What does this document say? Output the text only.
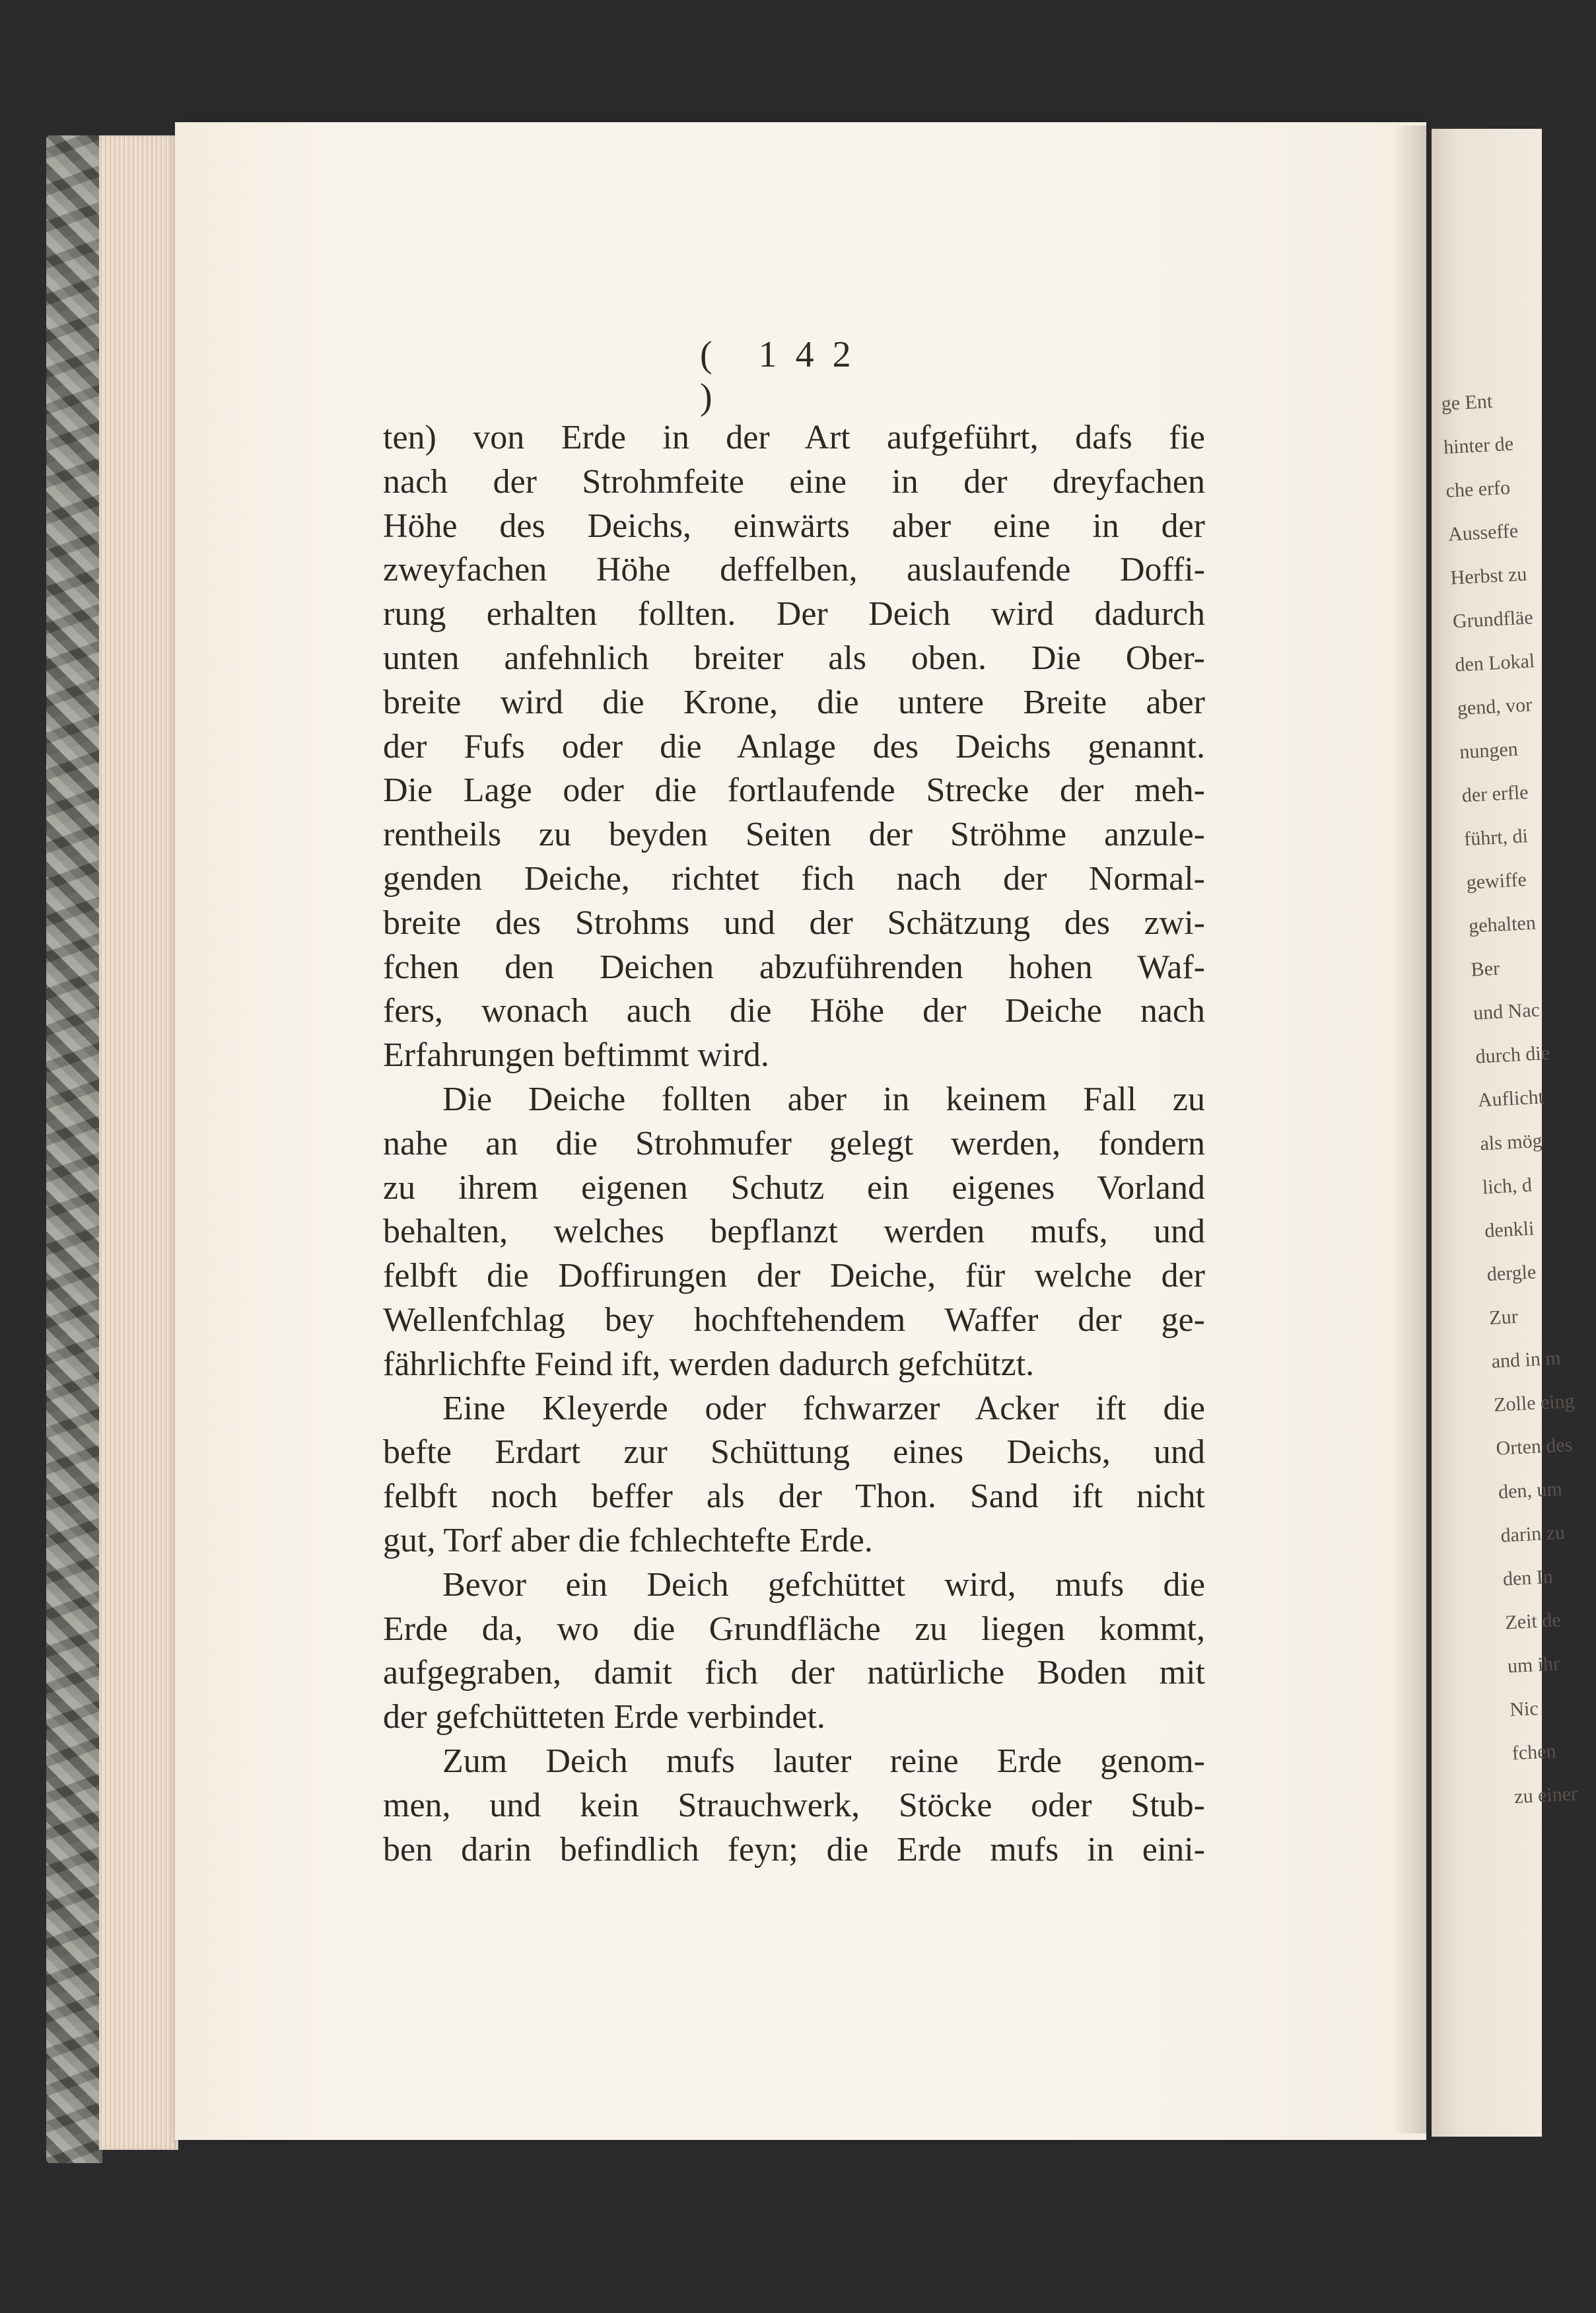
ge Ent
hinter de
che erfo
Ausseffe
Herbst zu
Grundfläe
den Lokal
gend, vor
nungen
der erfle
führt, di
gewiffe
gehalten
Ber
und Nac
durch die
Auflicht
als mög
lich, d
denkli
dergle
Zur
and in m
Zolle eing
Orten des
den, um
darin zu
den In
Zeit de
um ihr
Nic
fchen
zu einer
( 142 )
ten) von Erde in der Art aufgeführt, dafs fie
nach der Strohmfeite eine in der dreyfachen
Höhe des Deichs, einwärts aber eine in der
zweyfachen Höhe deffelben, auslaufende Doffi-
rung erhalten follten. Der Deich wird dadurch
unten anfehnlich breiter als oben. Die Ober-
breite wird die Krone, die untere Breite aber
der Fufs oder die Anlage des Deichs genannt.
Die Lage oder die fortlaufende Strecke der meh-
rentheils zu beyden Seiten der Ströhme anzule-
genden Deiche, richtet fich nach der Normal-
breite des Strohms und der Schätzung des zwi-
fchen den Deichen abzuführenden hohen Waf-
fers, wonach auch die Höhe der Deiche nach
Erfahrungen beftimmt wird.
Die Deiche follten aber in keinem Fall zu
nahe an die Strohmufer gelegt werden, fondern
zu ihrem eigenen Schutz ein eigenes Vorland
behalten, welches bepflanzt werden mufs, und
felbft die Doffirungen der Deiche, für welche der
Wellenfchlag bey hochftehendem Waffer der ge-
fährlichfte Feind ift, werden dadurch gefchützt.
Eine Kleyerde oder fchwarzer Acker ift die
befte Erdart zur Schüttung eines Deichs, und
felbft noch beffer als der Thon. Sand ift nicht
gut, Torf aber die fchlechtefte Erde.
Bevor ein Deich gefchüttet wird, mufs die
Erde da, wo die Grundfläche zu liegen kommt,
aufgegraben, damit fich der natürliche Boden mit
der gefchütteten Erde verbindet.
Zum Deich mufs lauter reine Erde genom-
men, und kein Strauchwerk, Stöcke oder Stub-
ben darin befindlich feyn; die Erde mufs in eini-
